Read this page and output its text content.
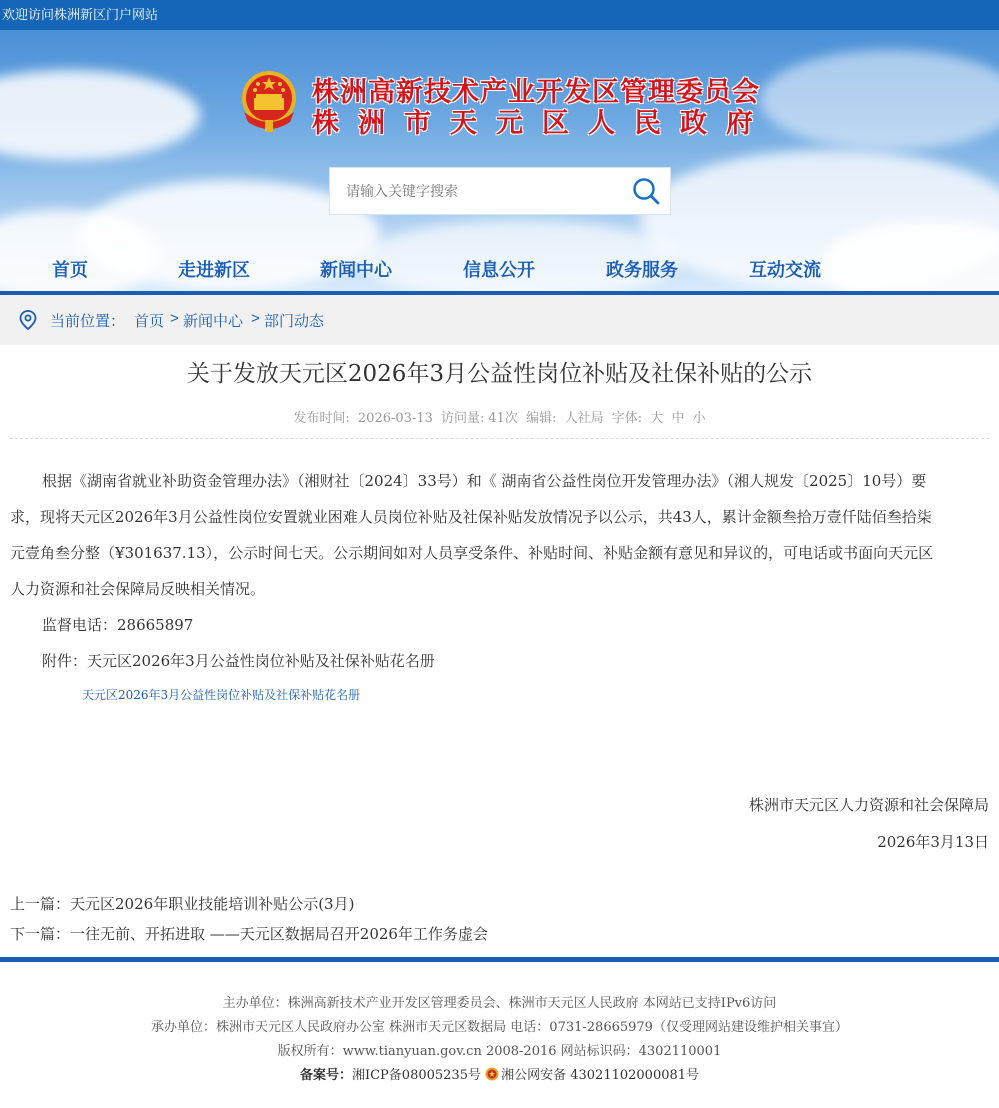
欢迎访问株洲新区门户网站
株洲高新技术产业开发区管理委员会
株洲市天元区人民政府
请输入关键字搜索
首页	走进新区	新闻中心	信息公开	政务服务	互动交流
当前位置： 首页 > 新闻中心 > 部门动态
关于发放天元区2026年3月公益性岗位补贴及社保补贴的公示
发布时间: 2026-03-13 访问量: 41次 编辑: 人社局 字体: 大 中 小
根据《湖南省就业补助资金管理办法》（湘财社〔2024〕33号）和《 湖南省公益性岗位开发管理办法》（湘人规发〔2025〕10号）要
求，现将天元区2026年3月公益性岗位安置就业困难人员岗位补贴及社保补贴发放情况予以公示，共43人，累计金额叁拾万壹仟陆佰叁拾柒
元壹角叁分整（¥301637.13），公示时间七天。公示期间如对人员享受条件、补贴时间、补贴金额有意见和异议的，可电话或书面向天元区
人力资源和社会保障局反映相关情况。
监督电话：28665897
附件：天元区2026年3月公益性岗位补贴及社保补贴花名册
天元区2026年3月公益性岗位补贴及社保补贴花名册
株洲市天元区人力资源和社会保障局
2026年3月13日
上一篇：天元区2026年职业技能培训补贴公示(3月)
下一篇：一往无前、开拓进取 ——天元区数据局召开2026年工作务虚会
主办单位：株洲高新技术产业开发区管理委员会、株洲市天元区人民政府 本网站已支持IPv6访问
承办单位：株洲市天元区人民政府办公室 株洲市天元区数据局 电话：0731-28665979（仅受理网站建设维护相关事宜）
版权所有：www.tianyuan.gov.cn 2008-2016 网站标识码：4302110001
备案号：湘ICP备08005235号 湘公网安备 43021102000081号
